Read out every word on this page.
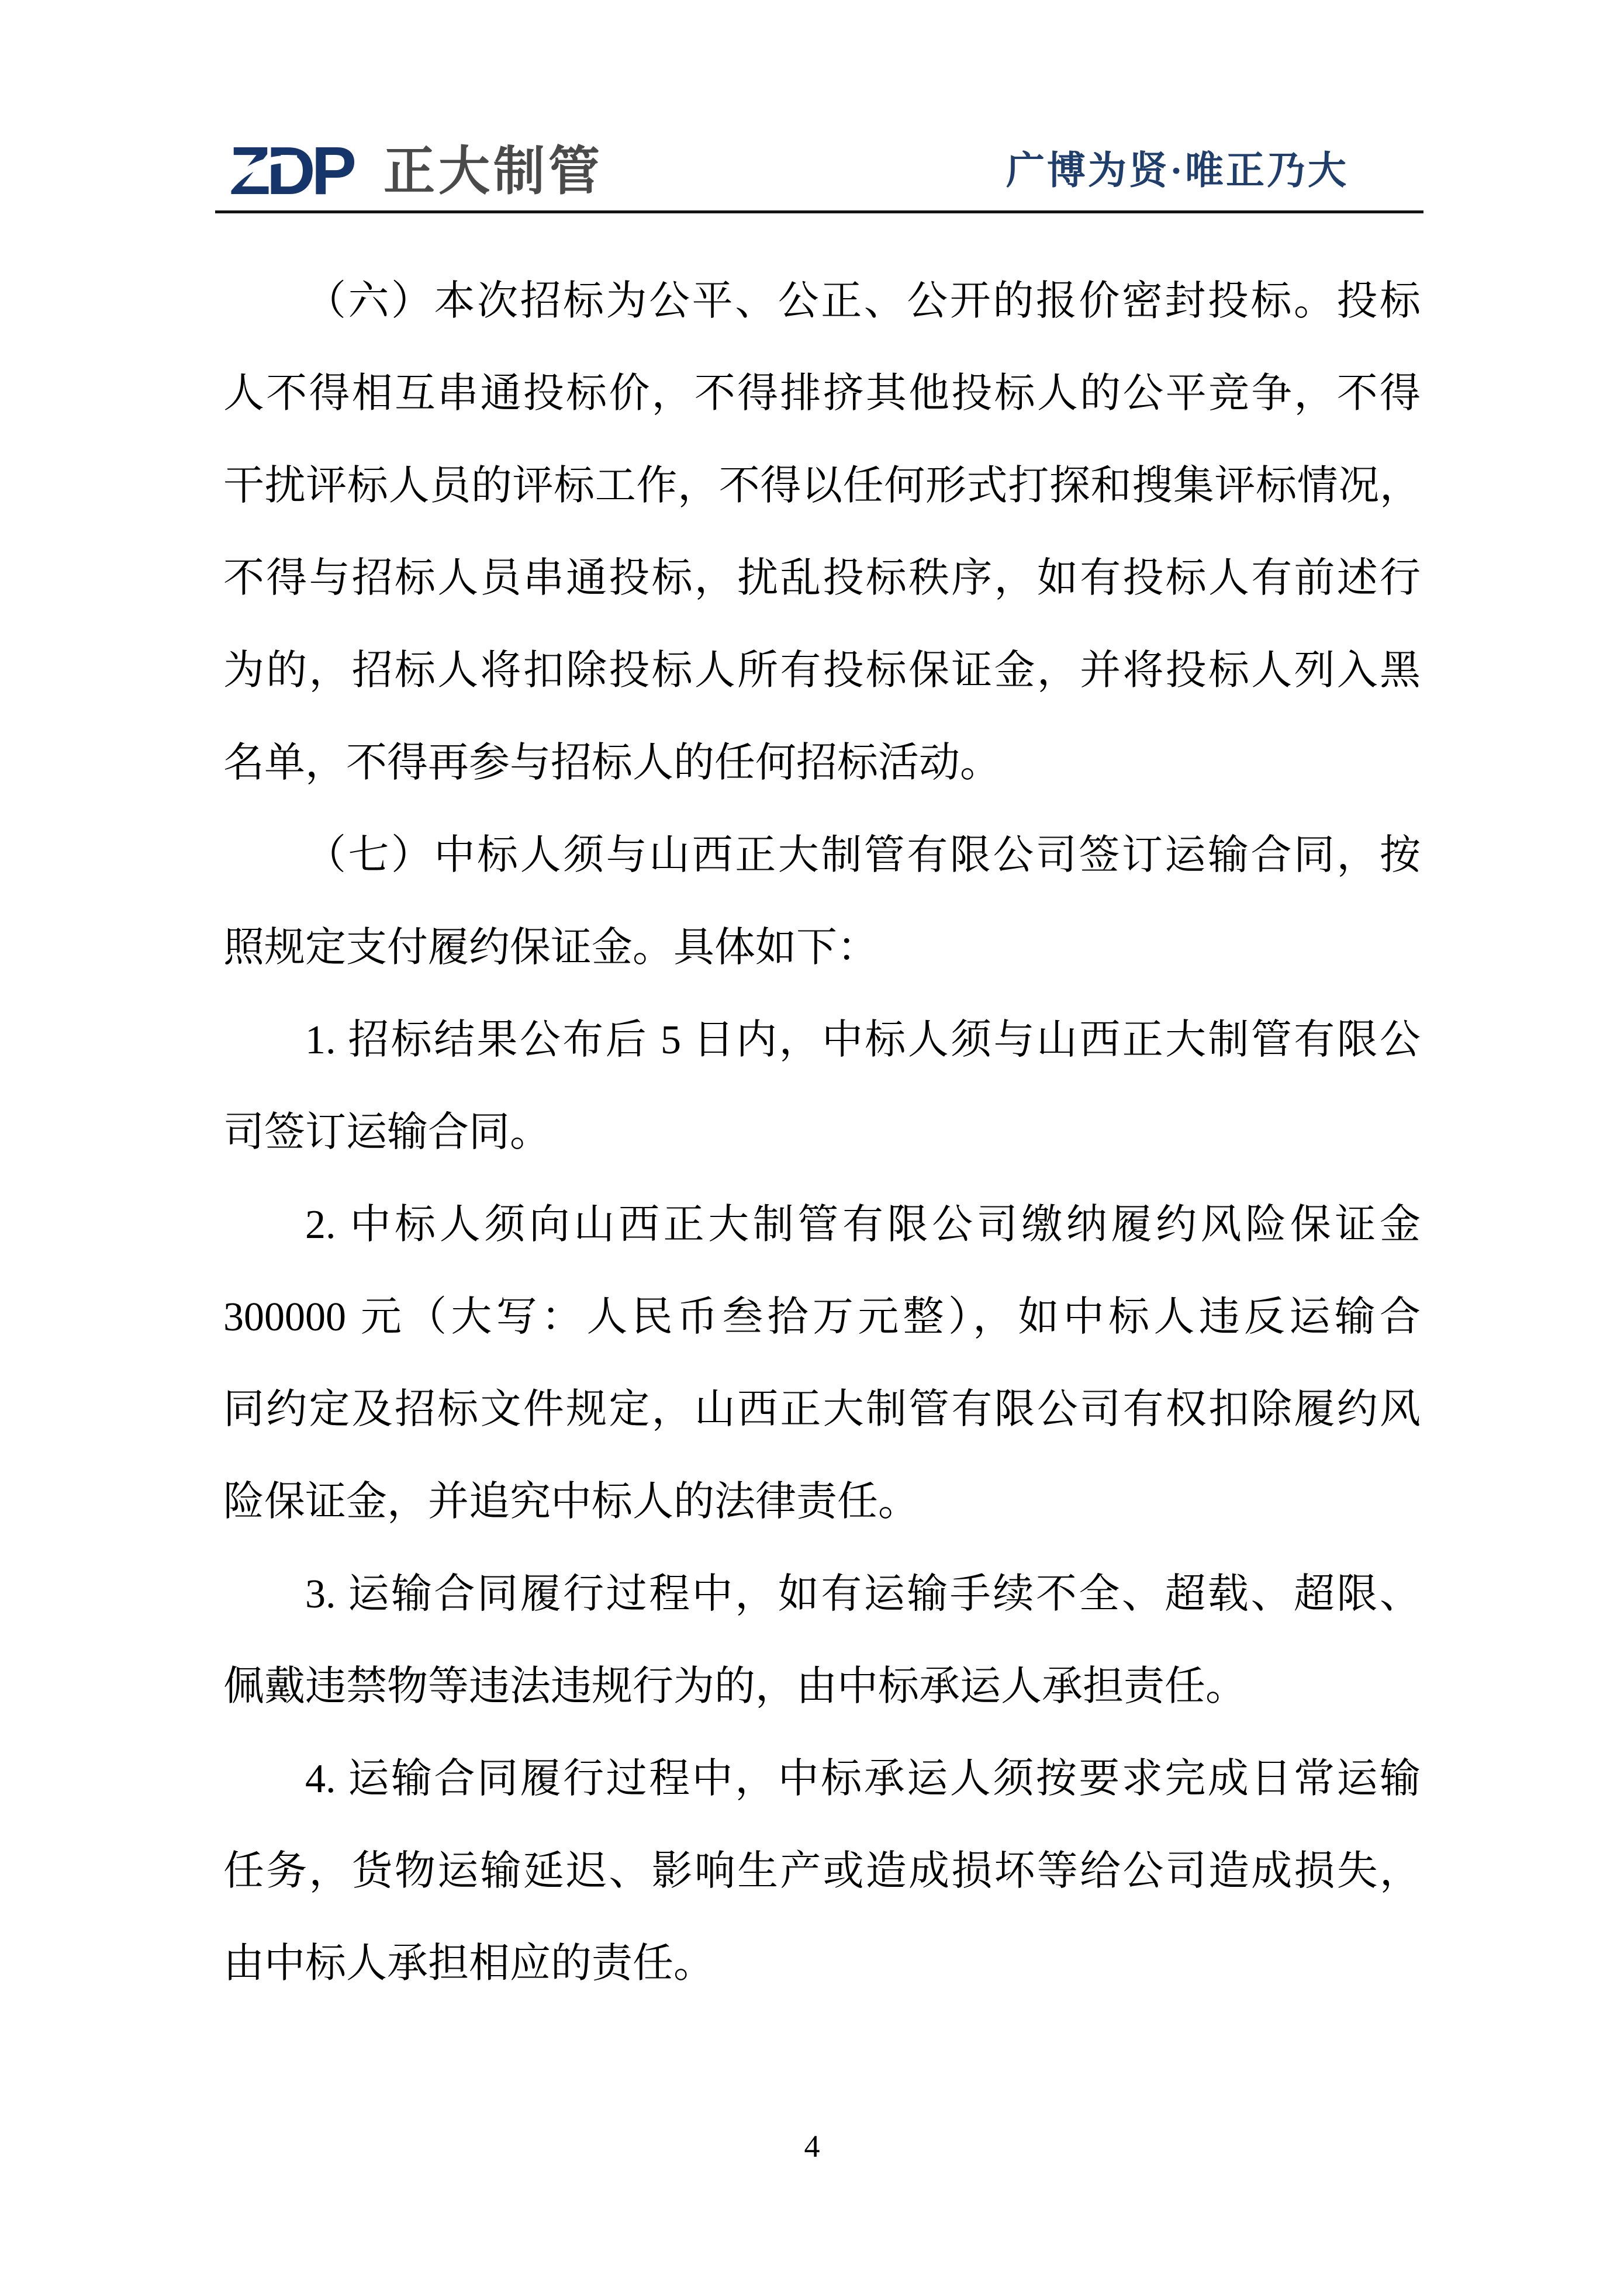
ZDP 正大制管	广博为贤·唯正乃大
（六）本次招标为公平、公正、公开的报价密封投标。投标
人不得相互串通投标价，不得排挤其他投标人的公平竞争，不得
干扰评标人员的评标工作，不得以任何形式打探和搜集评标情况，
不得与招标人员串通投标，扰乱投标秩序，如有投标人有前述行
为的，招标人将扣除投标人所有投标保证金，并将投标人列入黑
名单，不得再参与招标人的任何招标活动。
（七）中标人须与山西正大制管有限公司签订运输合同，按
照规定支付履约保证金。具体如下：
1. 招标结果公布后 5 日内，中标人须与山西正大制管有限公
司签订运输合同。
2. 中标人须向山西正大制管有限公司缴纳履约风险保证金
300000 元（大写：人民币叁拾万元整），如中标人违反运输合
同约定及招标文件规定，山西正大制管有限公司有权扣除履约风
险保证金，并追究中标人的法律责任。
3. 运输合同履行过程中，如有运输手续不全、超载、超限、
佩戴违禁物等违法违规行为的，由中标承运人承担责任。
4. 运输合同履行过程中，中标承运人须按要求完成日常运输
任务，货物运输延迟、影响生产或造成损坏等给公司造成损失，
由中标人承担相应的责任。
4
